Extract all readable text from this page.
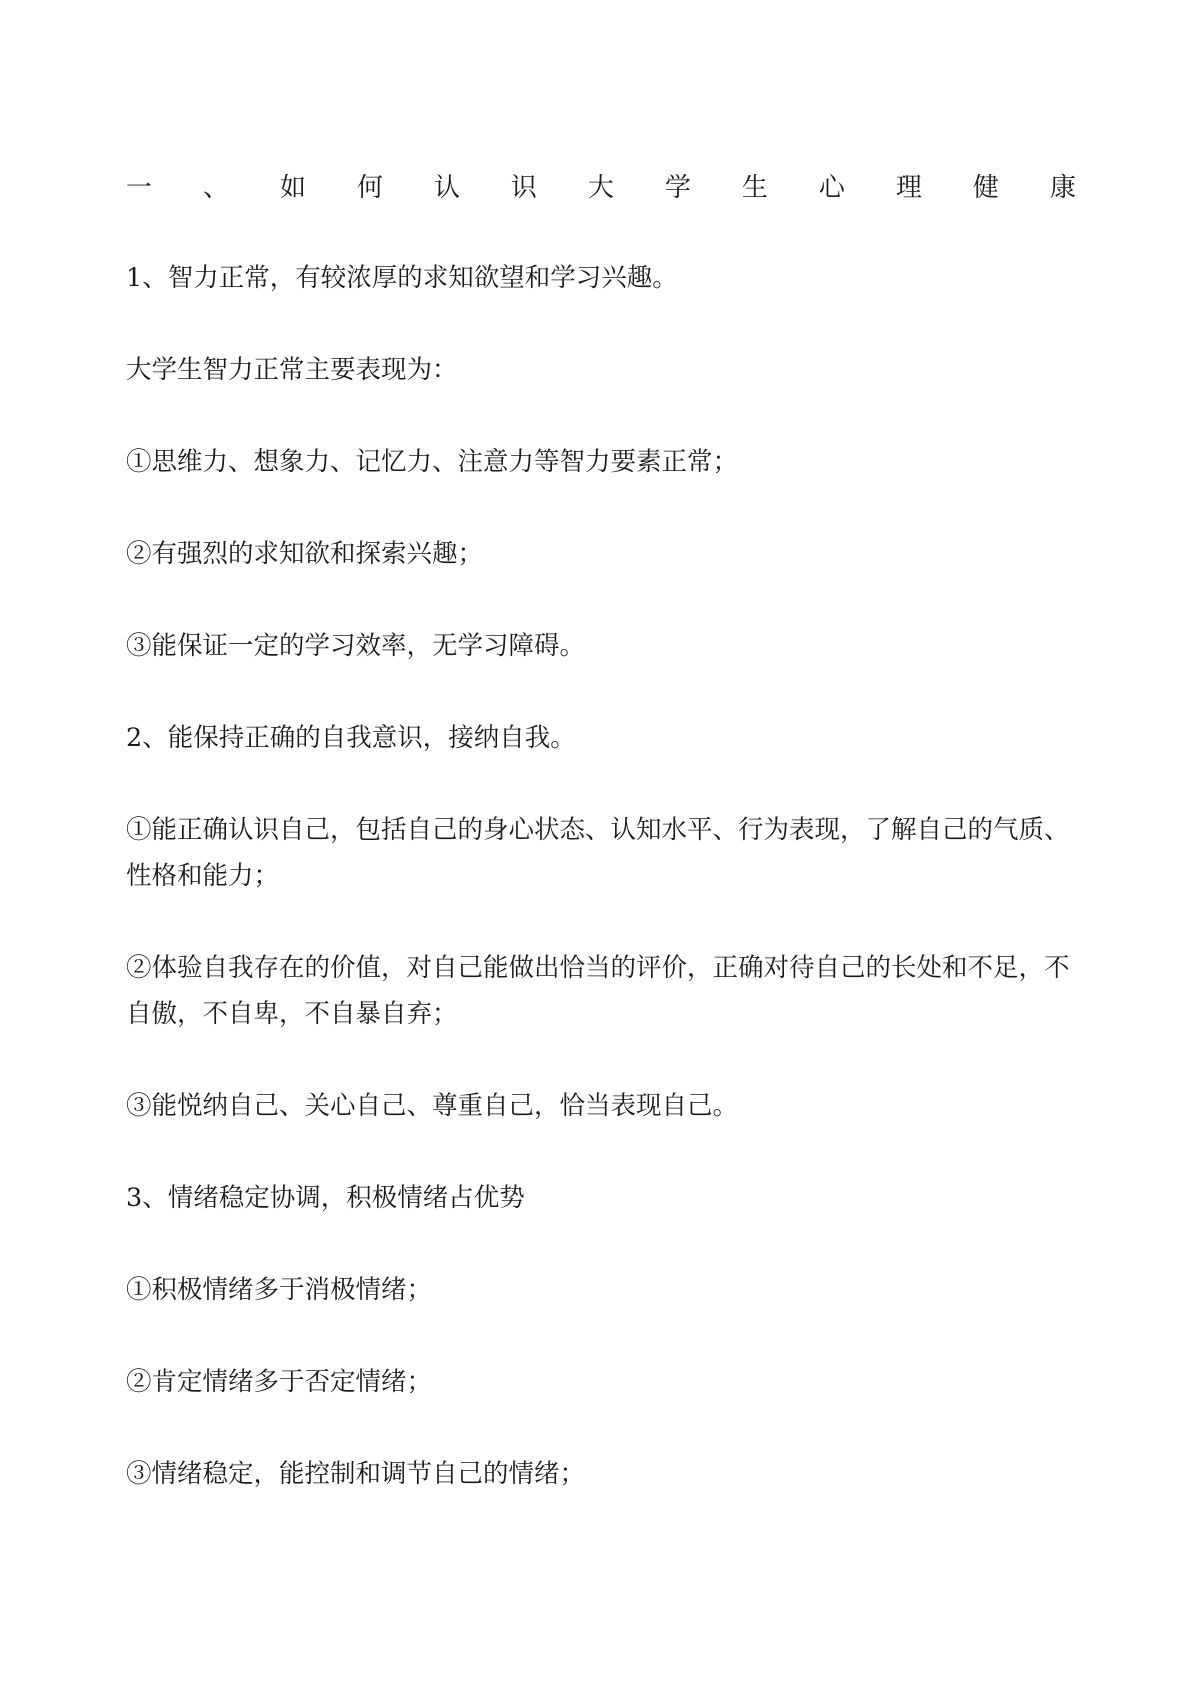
一 、 如 何 认 识 大 学 生 心 理 健 康

1、智力正常，有较浓厚的求知欲望和学习兴趣。

大学生智力正常主要表现为：

①思维力、想象力、记忆力、注意力等智力要素正常；

②有强烈的求知欲和探索兴趣；

③能保证一定的学习效率，无学习障碍。

2、能保持正确的自我意识，接纳自我。

①能正确认识自己，包括自己的身心状态、认知水平、行为表现，了解自己的气质、性格和能力；

②体验自我存在的价值，对自己能做出恰当的评价，正确对待自己的长处和不足，不自傲，不自卑，不自暴自弃；

③能悦纳自己、关心自己、尊重自己，恰当表现自己。

3、情绪稳定协调，积极情绪占优势

①积极情绪多于消极情绪；

②肯定情绪多于否定情绪；

③情绪稳定，能控制和调节自己的情绪；
